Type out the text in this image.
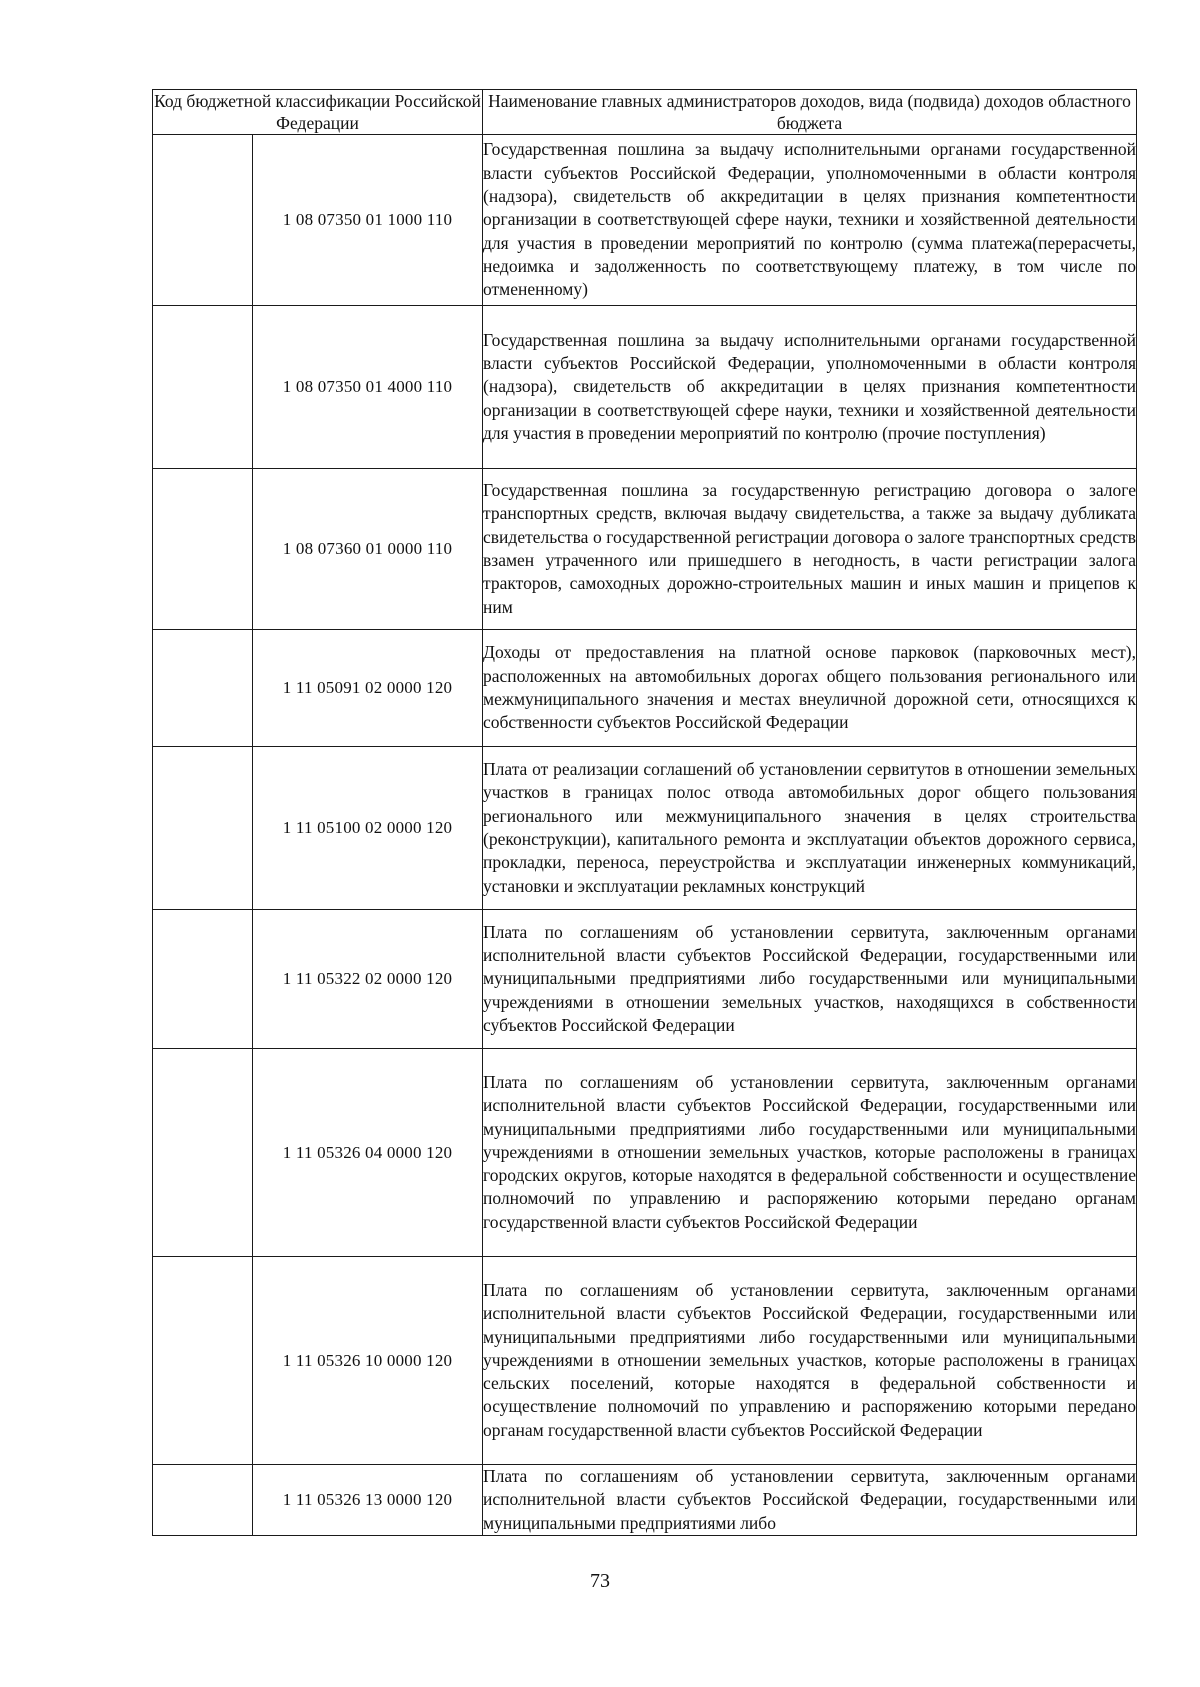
Код бюджетной классификации Российской Федерации		Наименование главных администраторов доходов, вида (подвида) доходов областного бюджета
	1 08 07350 01 1000 110	Государственная пошлина за выдачу исполнительными органами государственной власти субъектов Российской Федерации, уполномоченными в области контроля (надзора), свидетельств об аккредитации в целях признания компетентности организации в соответствующей сфере науки, техники и хозяйственной деятельности для участия в проведении мероприятий по контролю (сумма платежа(перерасчеты, недоимка и задолженность по соответствующему платежу, в том числе по отмененному)

	1 08 07350 01 4000 110	Государственная пошлина за выдачу исполнительными органами государственной власти субъектов Российской Федерации, уполномоченными в области контроля (надзора), свидетельств об аккредитации в целях признания компетентности организации в соответствующей сфере науки, техники и хозяйственной деятельности для участия в проведении мероприятий по контролю (прочие поступления)

	1 08 07360 01 0000 110	Государственная пошлина за государственную регистрацию договора о залоге транспортных средств, включая выдачу свидетельства, а также за выдачу дубликата свидетельства о государственной регистрации договора о залоге транспортных средств взамен утраченного или пришедшего в негодность, в части регистрации залога тракторов, самоходных дорожно-строительных машин и иных машин и прицепов к ним

	1 11 05091 02 0000 120	Доходы от предоставления на платной основе парковок (парковочных мест), расположенных на автомобильных дорогах общего пользования регионального или межмуниципального значения и местах внеуличной дорожной сети, относящихся к собственности субъектов Российской Федерации

	1 11 05100 02 0000 120	Плата от реализации соглашений об установлении сервитутов в отношении земельных участков в границах полос отвода автомобильных дорог общего пользования регионального или межмуниципального значения в целях строительства (реконструкции), капитального ремонта и эксплуатации объектов дорожного сервиса, прокладки, переноса, переустройства и эксплуатации инженерных коммуникаций, установки и эксплуатации рекламных конструкций

	1 11 05322 02 0000 120	Плата по соглашениям об установлении сервитута, заключенным органами исполнительной власти субъектов Российской Федерации, государственными или муниципальными предприятиями либо государственными или муниципальными учреждениями в отношении земельных участков, находящихся в собственности субъектов Российской Федерации

	1 11 05326 04 0000 120	Плата по соглашениям об установлении сервитута, заключенным органами исполнительной власти субъектов Российской Федерации, государственными или муниципальными предприятиями либо государственными или муниципальными учреждениями в отношении земельных участков, которые расположены в границах городских округов, которые находятся в федеральной собственности и осуществление полномочий по управлению и распоряжению которыми передано органам государственной власти субъектов Российской Федерации

	1 11 05326 10 0000 120	Плата по соглашениям об установлении сервитута, заключенным органами исполнительной власти субъектов Российской Федерации, государственными или муниципальными предприятиями либо государственными или муниципальными учреждениями в отношении земельных участков, которые расположены в границах сельских поселений, которые находятся в федеральной собственности и осуществление полномочий по управлению и распоряжению которыми передано органам государственной власти субъектов Российской Федерации

	1 11 05326 13 0000 120	Плата по соглашениям об установлении сервитута, заключенным органами исполнительной власти субъектов Российской Федерации, государственными или муниципальными предприятиями либо
73
